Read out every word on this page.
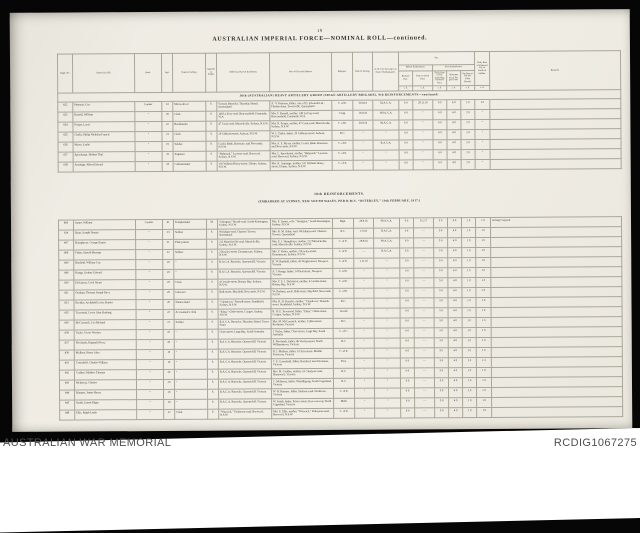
19
AUSTRALIAN IMPERIAL FORCE—NOMINAL ROLL—continued.
Regtl. No.	Names (in full).	Rank.	Age.	Trade or Calling.	Married or Single.	Address at Date of Enrolment.	Next of Kin and Address.	Religion.	Date of Joining.	A.I.F. Unit Serving in at Date of Embarkation.	Pay.					Daily Rate of Deferred Pay to Credit of Soldier.	Remarks.
											Before Embarkation.		After Embarkation.				
											Rate per Day.	Date to which Paid.	Daily Rate of Pay (including Deferred Pay).	Allotment out of Pay per Diem.	Net Rate of Pay per Diem Abroad.		
											s. d.	s. d.	s. d.	s. d.	s. d.	s. d.	
36th (AUSTRALIAN) HEAVY ARTILLERY GROUP (SIEGE ARTILLERY BRIGADE), 9th REINFORCEMENTS—continued.																	
652	Paterson, Gus	Gunner	33	Motor-driver	S.	Victoria Barracks, Thursday Island, Queensland	A. O. Paterson, father, care of D. Edwards Ltd., Flinders-lane, Townsville, Queensland	C. of E.	30.8.16	54 A.G.A.	6 0	28.11.16	6 0	4 0	2 0	1 0	
653	Russell, William	”	29	Clerk	S.	148 La Fray-road, Beaconsfield, Fremantle, W.A.	Mrs. F. Russell, mother, 148 La Fray-road, Beaconsfield, Fremantle, W.A.	Cong.	16.8.16	108 A.G.A.	6 0	”	6 0	4 0	2 0	”	
654	Prospe, Louis	”	22	Bookbinder	S.	47 Cook-road, Marrickville, Sydney, N.S.W.	Mrs. R. Prospe, mother, 47 Cook-road, Marrickville, Sydney, N.S.W.	C. of E.	30.8.16	94 A.G.A.	6 0	”	6 0	4 0	2 0	”	
655	Clarke, Philip Nicholas Francis	”	21	Clerk	S.	20 Gibbons-street, Auburn, N.S.W.	W. J. Clarke, father, 20 Gibbons-street, Auburn, N.S.W.	R.C.	”	”	6 0	”	6 0	4 0	2 0	”	
656	Myers, Leslie	”	19	Soldier	S.	Cook's Bank, Borenore, and Newcastle, N.S.W.	Mrs. A. E. Myers, mother, Cook's Bank, Borenore, and Newcastle, N.S.W.	C. of E.	”	R.A.G.A.	6 0	”	6 0	4 0	2 0	”	
657	Sprackman, Herbert Thal	”	19	Engineer	S.	“Balmoral,” Lucerne-road, Burwood, Sydney, N.S.W.	Mrs. L. Sprackman, mother, “Balmoral,” Lucerne-road, Burwood, Sydney, N.S.W.	C. of E.	”	”	6 0	”	6 0	4 0	2 0	”	
658	Armitage, Albert Edward	”	18	Cabinetmaker	S.	102 William Henry-street, Ultimo, Sydney, N.S.W.	Mrs. K. Armitage, mother, 102 William Henry-street, Ultimo, Sydney, N.S.W.	C. of E.	”	”	6 0	”	6 0	4 0	2 0	”	
10th REINFORCEMENTS.
(EMBARKED AT SYDNEY, NEW SOUTH WALES, PER R.M.S. “OSTERLEY,” 10th FEBRUARY, 1917.)
806	James, William	Gunner	41	Templemaker	M.	“Jarington,” Broad-road, South Kensington, Sydney, N.S.W.	Mrs. E. James, wife, “Jarington,” South Kensington, Sydney, N.S.W.	Bapt.	28.8.16	98 A.G.A.	6 0	9.2.17	5 0	4 0	1 0	1 0	Acting Corporal
814	Ryan, Joseph Dennis	”	23	Soldier	S.	Wickham-road, Charters Towers, Queensland	Mrs. K. M. Adair, aunt, Wickham-road, Charters Towers, Queensland	R.C.	1.9.16	R.A.G.A.	6 0	—	5 0	4 0	1 0	1 0	
807	Humphreys, George Ernest	”	21	Plate printer	S.	212 Marrickville-road, Marrickville, Sydney, N.S.W.	Mrs. E. J. Humphreys, mother, 212 Marrickville-road, Marrickville, Sydney, N.S.W.	C. of E.	28.8.16	98 A.G.A.	6 0	—	5 0	4 0	1 0	1 0	
808	Fisher, Harold Bertram	”	22	Soldier	S.	2 Rowley-street, Drummoyne, Sydney, N.S.W.	Mrs. F. Fisher, mother, 2 Rowley-street, Drummoyne, Sydney, N.S.W.	C. of E.	—	R.A.G.A.	6 0	—	5 0	4 0	1 0	1 0	
840	Banfield, William Guy	”	18	”	S.	R.A.G.A. Barracks, Queenscliff, Victoria	H. W. Banfield, father, 43 Wright-street, Newport, Victoria	C. of E.	1.11.16	—	6 0	—	5 0	4 0	1 0	1 0	
846	Knapp, Sydney Edward	”	18	”	S.	R.A.G.A. Barracks, Queenscliff, Victoria	A. J. Knapp, father, 14 Paul-street, Newport, Victoria	C. of E.	”	”	6 0	—	5 0	4 0	1 0	1 0	
830	Dickinson, Cecil Wyatt	”	20	Clerk	S.	4 Gerrale-street, Botany Bay, Sydney, N.S.W.	Mrs. F. E. J. Dickinson, mother, 4 Gerrale-street, Botany Bay, N.S.W.	C. of E.	”	”	6 0	—	5 0	4 0	1 0	1 0	
831	Durham, Thomas Joseph Davy	”	28	Labourer	S.	Bull-street, Mayfield, Newcastle, N.S.W.	W. Durham, uncle, Bull-street, Mayfield, Newcastle, N.S.W.	C. of E.	”	”	6 0	—	5 0	4 0	1 0	1 0	
833	Kreisler, Archibald Lewis Hunter	”	20	Station hand	S.	“Glenalvon,” Russell-street, Strathfield, Sydney, N.S.W.	Mrs. R. H. Kreisler, mother, “Glenalvon,” Russell-street, Strathfield, Sydney, N.S.W.	R.C.	”	”	6 0	—	5 0	4 0	1 0	1 0	
835	Townsend, Lewis John Hosking	”	22	Accountant's clerk	S.	“Edna,” Glebe-street, Coogee, Sydney, N.S.W.	R. H. E. Townsend, father, “Edna,” Glebe-street, Coogee, Sydney, N.S.W.	Jewish	”	”	6 0	—	5 0	4 0	1 0	1 0	
836	McCormack, Leo Michael	”	21	Soldier	S.	R.A.G.A. Barracks, Thursday Island, Torres Strait	Mrs. M. McCormack, mother, Gillies-street, Rochester, Victoria	R.C.	”	”	6 0	—	5 0	4 0	1 0	1 0	
838	Taylor, Victor Worden	”	19	”	S.	Clare-street, Largs Bay, South Australia	J. Taylor, father, Clare-street, Largs Bay, South Australia	C. of C.	”	”	6 0	—	5 0	4 0	1 0	1 0	
837	Newlands, Reginald Percy	”	20	”	S.	R.A.G.A. Barracks, Queenscliff, Victoria	S. Newlands, father, 46 Verdon-street, North Williamstown, Victoria	R.C.	”	”	6 0	—	5 0	4 0	1 0	1 0	
839	Mullens, Henry John	”	19	”	S.	R.A.G.A. Barracks, Queenscliff, Victoria	H. J. Mullens, father, 10 Erin-street, Middle Footscray, Victoria	C. of E.	”	”	6 0	—	5 0	4 0	1 0	1 0	
841	Greenfield, Charles William	”	19	”	S.	R.A.G.A. Barracks, Queenscliff, Victoria	C. E. Greenfield, father, Romford, near Dromana, Victoria	Pres.	”	”	6 0	—	5 0	4 0	1 0	1 0	
842	Godden, Mathew Thomas	”	20	”	S.	R.A.G.A. Barracks, Queenscliff, Victoria	Mrs. M. Godden, mother, 10 Glenlyon-road, Brunswick, Victoria	R.C.	”	”	6 0	—	5 0	4 0	1 0	1 0	
843	McInerny, Charles	”	20	”	S.	R.A.G.A. Barracks, Queenscliff, Victoria	C. McInerny, father, Wandiligong, South Gippsland, Victoria	R.C.	”	”	6 0	—	5 0	4 0	1 0	1 0	
844	Rimmer, James Henry	”	20	”	S.	R.A.G.A. Barracks, Queenscliff, Victoria	W. H. Rimmer, father, Hudson-road, Northcote, Victoria	C. of E.	”	”	6 0	—	5 0	4 0	1 0	1 0	
845	Smith, Ernest Edgar	”	20	”	S.	R.A.G.A. Barracks, Queenscliff, Victoria	W. Smith, father, Prince-street, Koo-wee-rup, North Gippsland, Victoria	Meth.	”	”	6 0	—	5 0	4 0	1 0	1 0	
848	Ellis, Ralph Leslie	”	22	Clerk	S.	“Warwick,” Finlayson-road, Burwood, N.S.W.	Mrs. E. Ellis, mother, “Warwick,” Finlayson-road, Burwood, N.S.W.	C. of E.	”	”	6 0	—	5 0	4 0	1 0	1 0	
AUSTRALIAN WAR MEMORIAL	RCDIG1067275
